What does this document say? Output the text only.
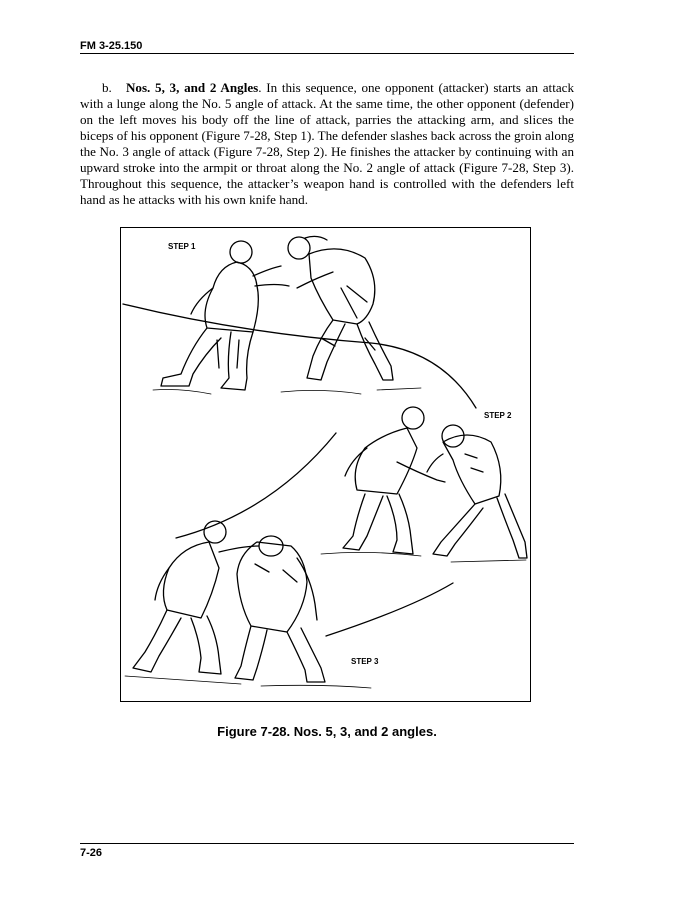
FM 3-25.150

b. Nos. 5, 3, and 2 Angles. In this sequence, one opponent (attacker) starts an attack with a lunge along the No. 5 angle of attack. At the same time, the other opponent (defender) on the left moves his body off the line of attack, parries the attacking arm, and slices the biceps of his opponent (Figure 7-28, Step 1). The defender slashes back across the groin along the No. 3 angle of attack (Figure 7-28, Step 2). He finishes the attacker by continuing with an upward stroke into the armpit or throat along the No. 2 angle of attack (Figure 7-28, Step 3). Throughout this sequence, the attacker’s weapon hand is controlled with the defenders left hand as he attacks with his own knife hand.

STEP 1
STEP 2
STEP 3
Figure 7-28. Nos. 5, 3, and 2 angles.
7-26
